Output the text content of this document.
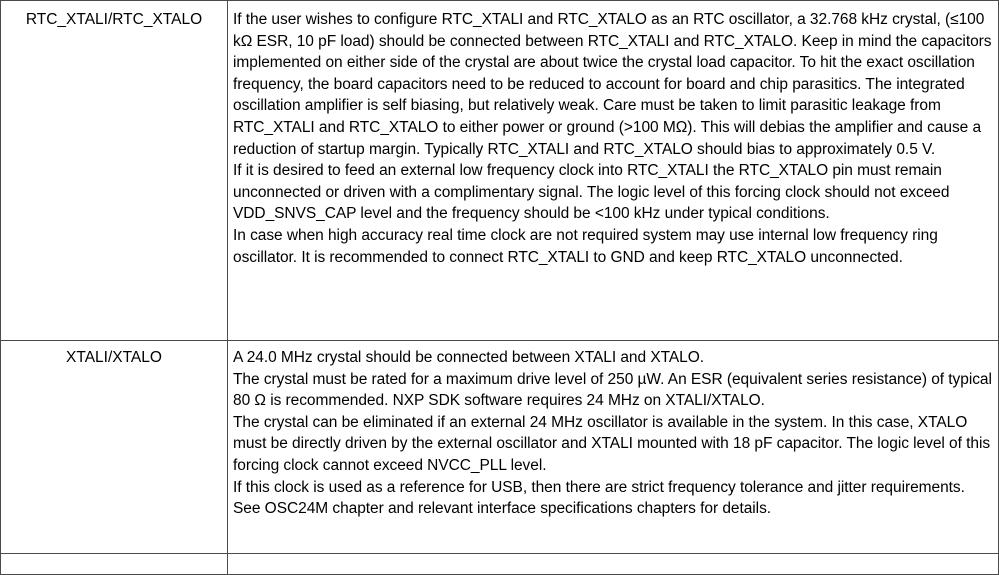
RTC_XTALI/RTC_XTALO	If the user wishes to configure RTC_XTALI and RTC_XTALO as an RTC oscillator, a 32.768 kHz crystal, (≤100 kΩ ESR, 10 pF load) should be connected between RTC_XTALI and RTC_XTALO. Keep in mind the capacitors implemented on either side of the crystal are about twice the crystal load capacitor. To hit the exact oscillation frequency, the board capacitors need to be reduced to account for board and chip parasitics. The integrated oscillation amplifier is self biasing, but relatively weak. Care must be taken to limit parasitic leakage from RTC_XTALI and RTC_XTALO to either power or ground (>100 MΩ). This will debias the amplifier and cause a reduction of startup margin. Typically RTC_XTALI and RTC_XTALO should bias to approximately 0.5 V.
If it is desired to feed an external low frequency clock into RTC_XTALI the RTC_XTALO pin must remain unconnected or driven with a complimentary signal. The logic level of this forcing clock should not exceed VDD_SNVS_CAP level and the frequency should be <100 kHz under typical conditions.
In case when high accuracy real time clock are not required system may use internal low frequency ring oscillator. It is recommended to connect RTC_XTALI to GND and keep RTC_XTALO unconnected.

XTALI/XTALO	A 24.0 MHz crystal should be connected between XTALI and XTALO.
The crystal must be rated for a maximum drive level of 250 µW. An ESR (equivalent series resistance) of typical 80 Ω is recommended. NXP SDK software requires 24 MHz on XTALI/XTALO.
The crystal can be eliminated if an external 24 MHz oscillator is available in the system. In this case, XTALO must be directly driven by the external oscillator and XTALI mounted with 18 pF capacitor. The logic level of this forcing clock cannot exceed NVCC_PLL level.
If this clock is used as a reference for USB, then there are strict frequency tolerance and jitter requirements. See OSC24M chapter and relevant interface specifications chapters for details.
